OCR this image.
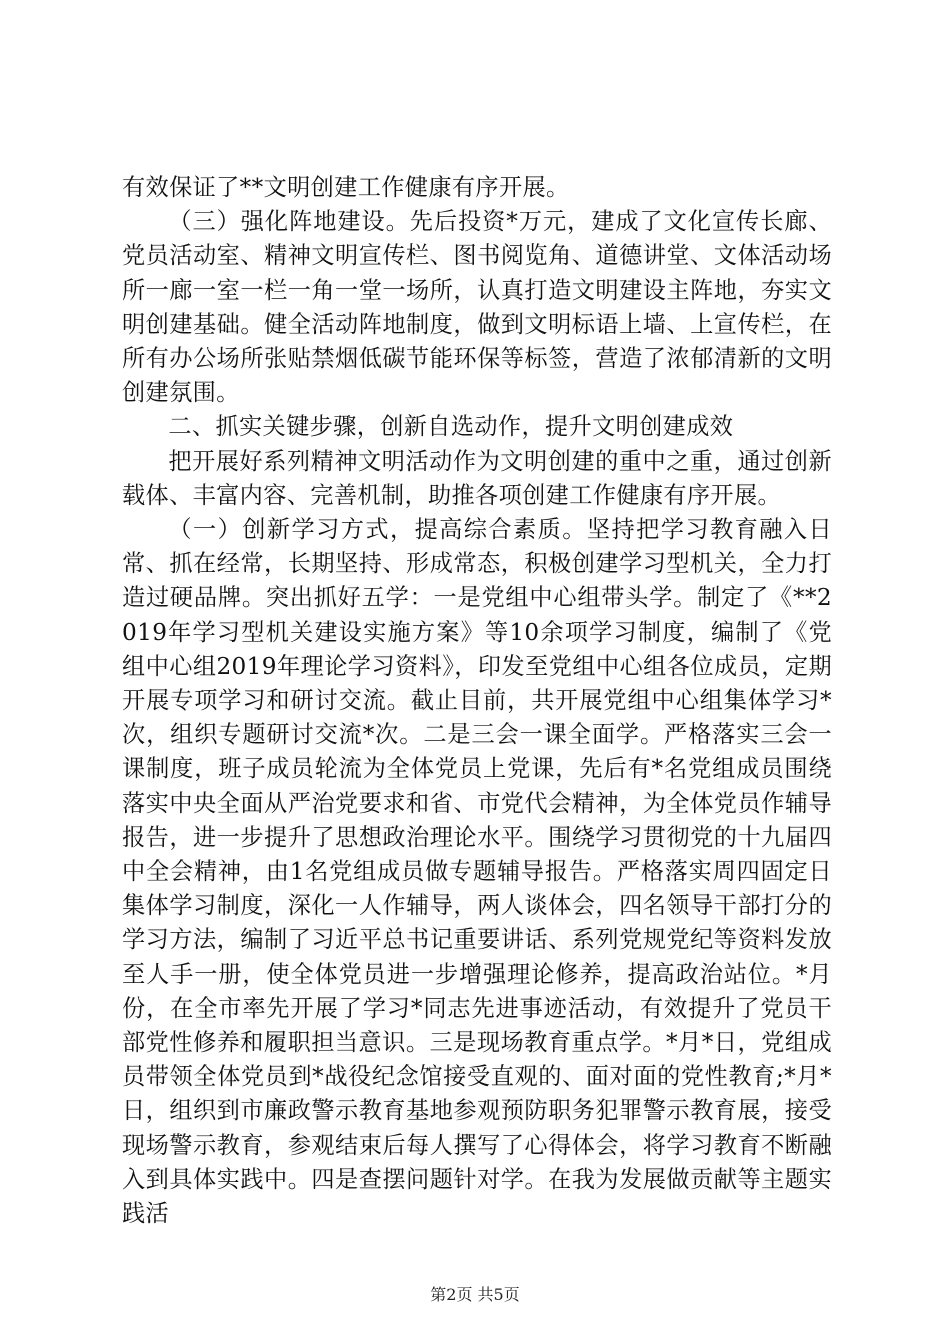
有效保证了**文明创建工作健康有序开展。

（三）强化阵地建设。先后投资*万元，建成了文化宣传长廊、党员活动室、精神文明宣传栏、图书阅览角、道德讲堂、文体活动场所一廊一室一栏一角一堂一场所，认真打造文明建设主阵地，夯实文明创建基础。健全活动阵地制度，做到文明标语上墙、上宣传栏，在所有办公场所张贴禁烟低碳节能环保等标签，营造了浓郁清新的文明创建氛围。

二、抓实关键步骤，创新自选动作，提升文明创建成效

把开展好系列精神文明活动作为文明创建的重中之重，通过创新载体、丰富内容、完善机制，助推各项创建工作健康有序开展。

（一）创新学习方式，提高综合素质。坚持把学习教育融入日常、抓在经常，长期坚持、形成常态，积极创建学习型机关，全力打造过硬品牌。突出抓好五学：一是党组中心组带头学。制定了《**2019年学习型机关建设实施方案》等10余项学习制度，编制了《党组中心组2019年理论学习资料》，印发至党组中心组各位成员，定期开展专项学习和研讨交流。截止目前，共开展党组中心组集体学习*次，组织专题研讨交流*次。二是三会一课全面学。严格落实三会一课制度，班子成员轮流为全体党员上党课，先后有*名党组成员围绕落实中央全面从严治党要求和省、市党代会精神，为全体党员作辅导报告，进一步提升了思想政治理论水平。围绕学习贯彻党的十九届四中全会精神，由1名党组成员做专题辅导报告。严格落实周四固定日集体学习制度，深化一人作辅导，两人谈体会，四名领导干部打分的学习方法，编制了习近平总书记重要讲话、系列党规党纪等资料发放至人手一册，使全体党员进一步增强理论修养，提高政治站位。*月份，在全市率先开展了学习*同志先进事迹活动，有效提升了党员干部党性修养和履职担当意识。三是现场教育重点学。*月*日，党组成员带领全体党员到*战役纪念馆接受直观的、面对面的党性教育;*月*日，组织到市廉政警示教育基地参观预防职务犯罪警示教育展，接受现场警示教育，参观结束后每人撰写了心得体会，将学习教育不断融入到具体实践中。四是查摆问题针对学。在我为发展做贡献等主题实践活

第2页 共5页
